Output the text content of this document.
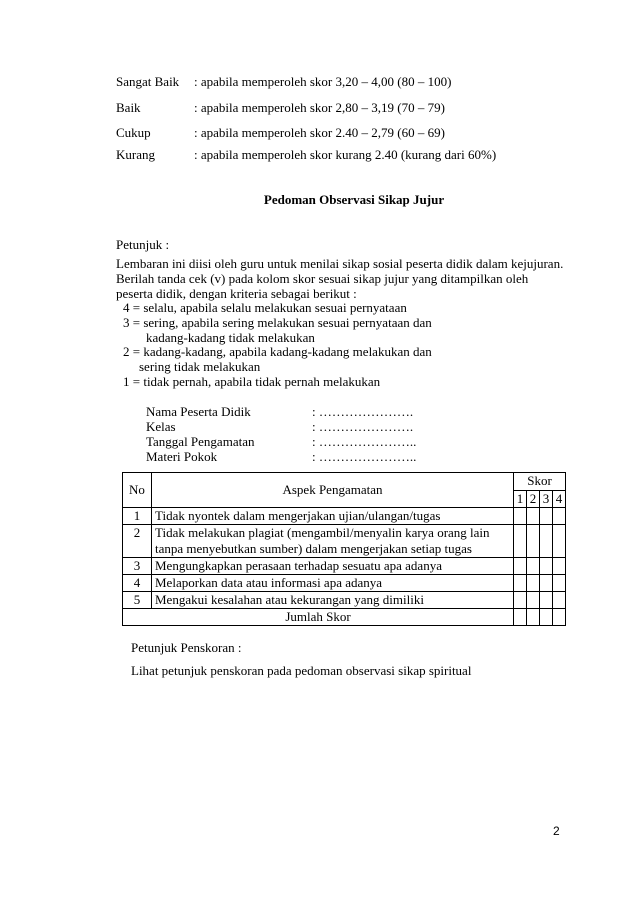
Sangat Baik : apabila memperoleh skor 3,20 – 4,00 (80 – 100)
Baik	: apabila memperoleh skor 2,80 – 3,19 (70 – 79)
Cukup	: apabila memperoleh skor 2.40 – 2,79 (60 – 69)
Kurang	: apabila memperoleh skor kurang 2.40 (kurang dari 60%)
Pedoman Observasi Sikap Jujur
Petunjuk :
Lembaran ini diisi oleh guru untuk menilai sikap sosial peserta didik dalam kejujuran.
Berilah tanda cek (v) pada kolom skor sesuai sikap jujur yang ditampilkan oleh
peserta didik, dengan kriteria sebagai berikut :
4 = selalu, apabila selalu melakukan sesuai pernyataan
3 = sering, apabila sering melakukan sesuai pernyataan dan
kadang-kadang tidak melakukan
2 = kadang-kadang, apabila kadang-kadang melakukan dan
sering tidak melakukan
1 = tidak pernah, apabila tidak pernah melakukan
Nama Peserta Didik	: ………………….
Kelas	: ………………….
Tanggal Pengamatan	: …………………..
Materi Pokok	: …………………..
No	Aspek Pengamatan	Skor			
		1	2	3	4
1	Tidak nyontek dalam mengerjakan ujian/ulangan/tugas				
2	Tidak melakukan plagiat (mengambil/menyalin karya orang lain tanpa menyebutkan sumber) dalam mengerjakan setiap tugas				
3	Mengungkapkan perasaan terhadap sesuatu apa adanya				
4	Melaporkan data atau informasi apa adanya				
5	Mengakui kesalahan atau kekurangan yang dimiliki				
Jumlah Skor					
Petunjuk Penskoran :
Lihat petunjuk penskoran pada pedoman observasi sikap spiritual
2
